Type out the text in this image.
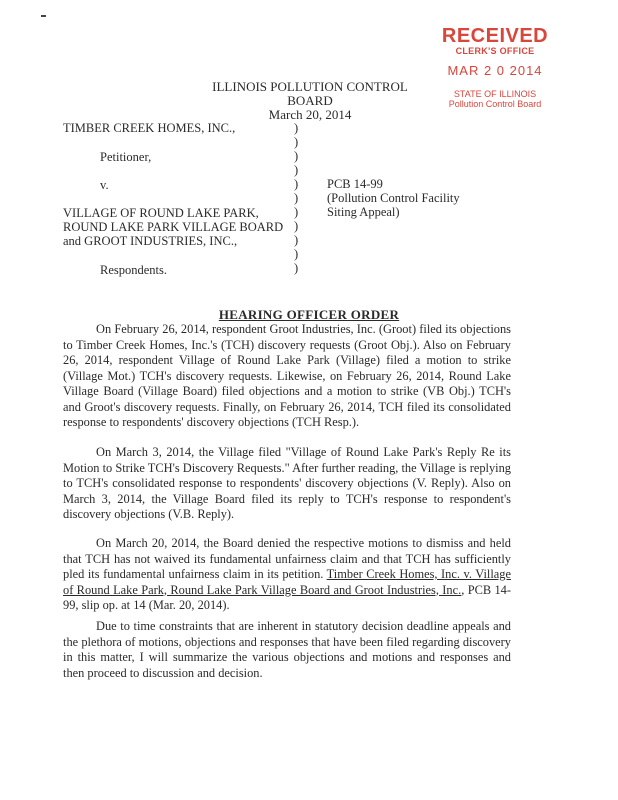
RECEIVED
CLERK'S OFFICE
MAR 2 0 2014
STATE OF ILLINOIS
Pollution Control Board
ILLINOIS POLLUTION CONTROL BOARD
March 20, 2014
TIMBER CREEK HOMES, INC.,
Petitioner,
v.
VILLAGE OF ROUND LAKE PARK,
ROUND LAKE PARK VILLAGE BOARD
and GROOT INDUSTRIES, INC.,
Respondents.
)
)
)
)
)
)
)
)
)
)
)
PCB 14-99
(Pollution Control Facility
Siting Appeal)
HEARING OFFICER ORDER

On February 26, 2014, respondent Groot Industries, Inc. (Groot) filed its objections to Timber Creek Homes, Inc.'s (TCH) discovery requests (Groot Obj.). Also on February 26, 2014, respondent Village of Round Lake Park (Village) filed a motion to strike (Village Mot.) TCH's discovery requests. Likewise, on February 26, 2014, Round Lake Village Board (Village Board) filed objections and a motion to strike (VB Obj.) TCH's and Groot's discovery requests. Finally, on February 26, 2014, TCH filed its consolidated response to respondents' discovery objections (TCH Resp.).

On March 3, 2014, the Village filed "Village of Round Lake Park's Reply Re its Motion to Strike TCH's Discovery Requests." After further reading, the Village is replying to TCH's consolidated response to respondents' discovery objections (V. Reply). Also on March 3, 2014, the Village Board filed its reply to TCH's response to respondent's discovery objections (V.B. Reply).

On March 20, 2014, the Board denied the respective motions to dismiss and held that TCH has not waived its fundamental unfairness claim and that TCH has sufficiently pled its fundamental unfairness claim in its petition. Timber Creek Homes, Inc. v. Village of Round Lake Park, Round Lake Park Village Board and Groot Industries, Inc., PCB 14-99, slip op. at 14 (Mar. 20, 2014).

Due to time constraints that are inherent in statutory decision deadline appeals and the plethora of motions, objections and responses that have been filed regarding discovery in this matter, I will summarize the various objections and motions and responses and then proceed to discussion and decision.
